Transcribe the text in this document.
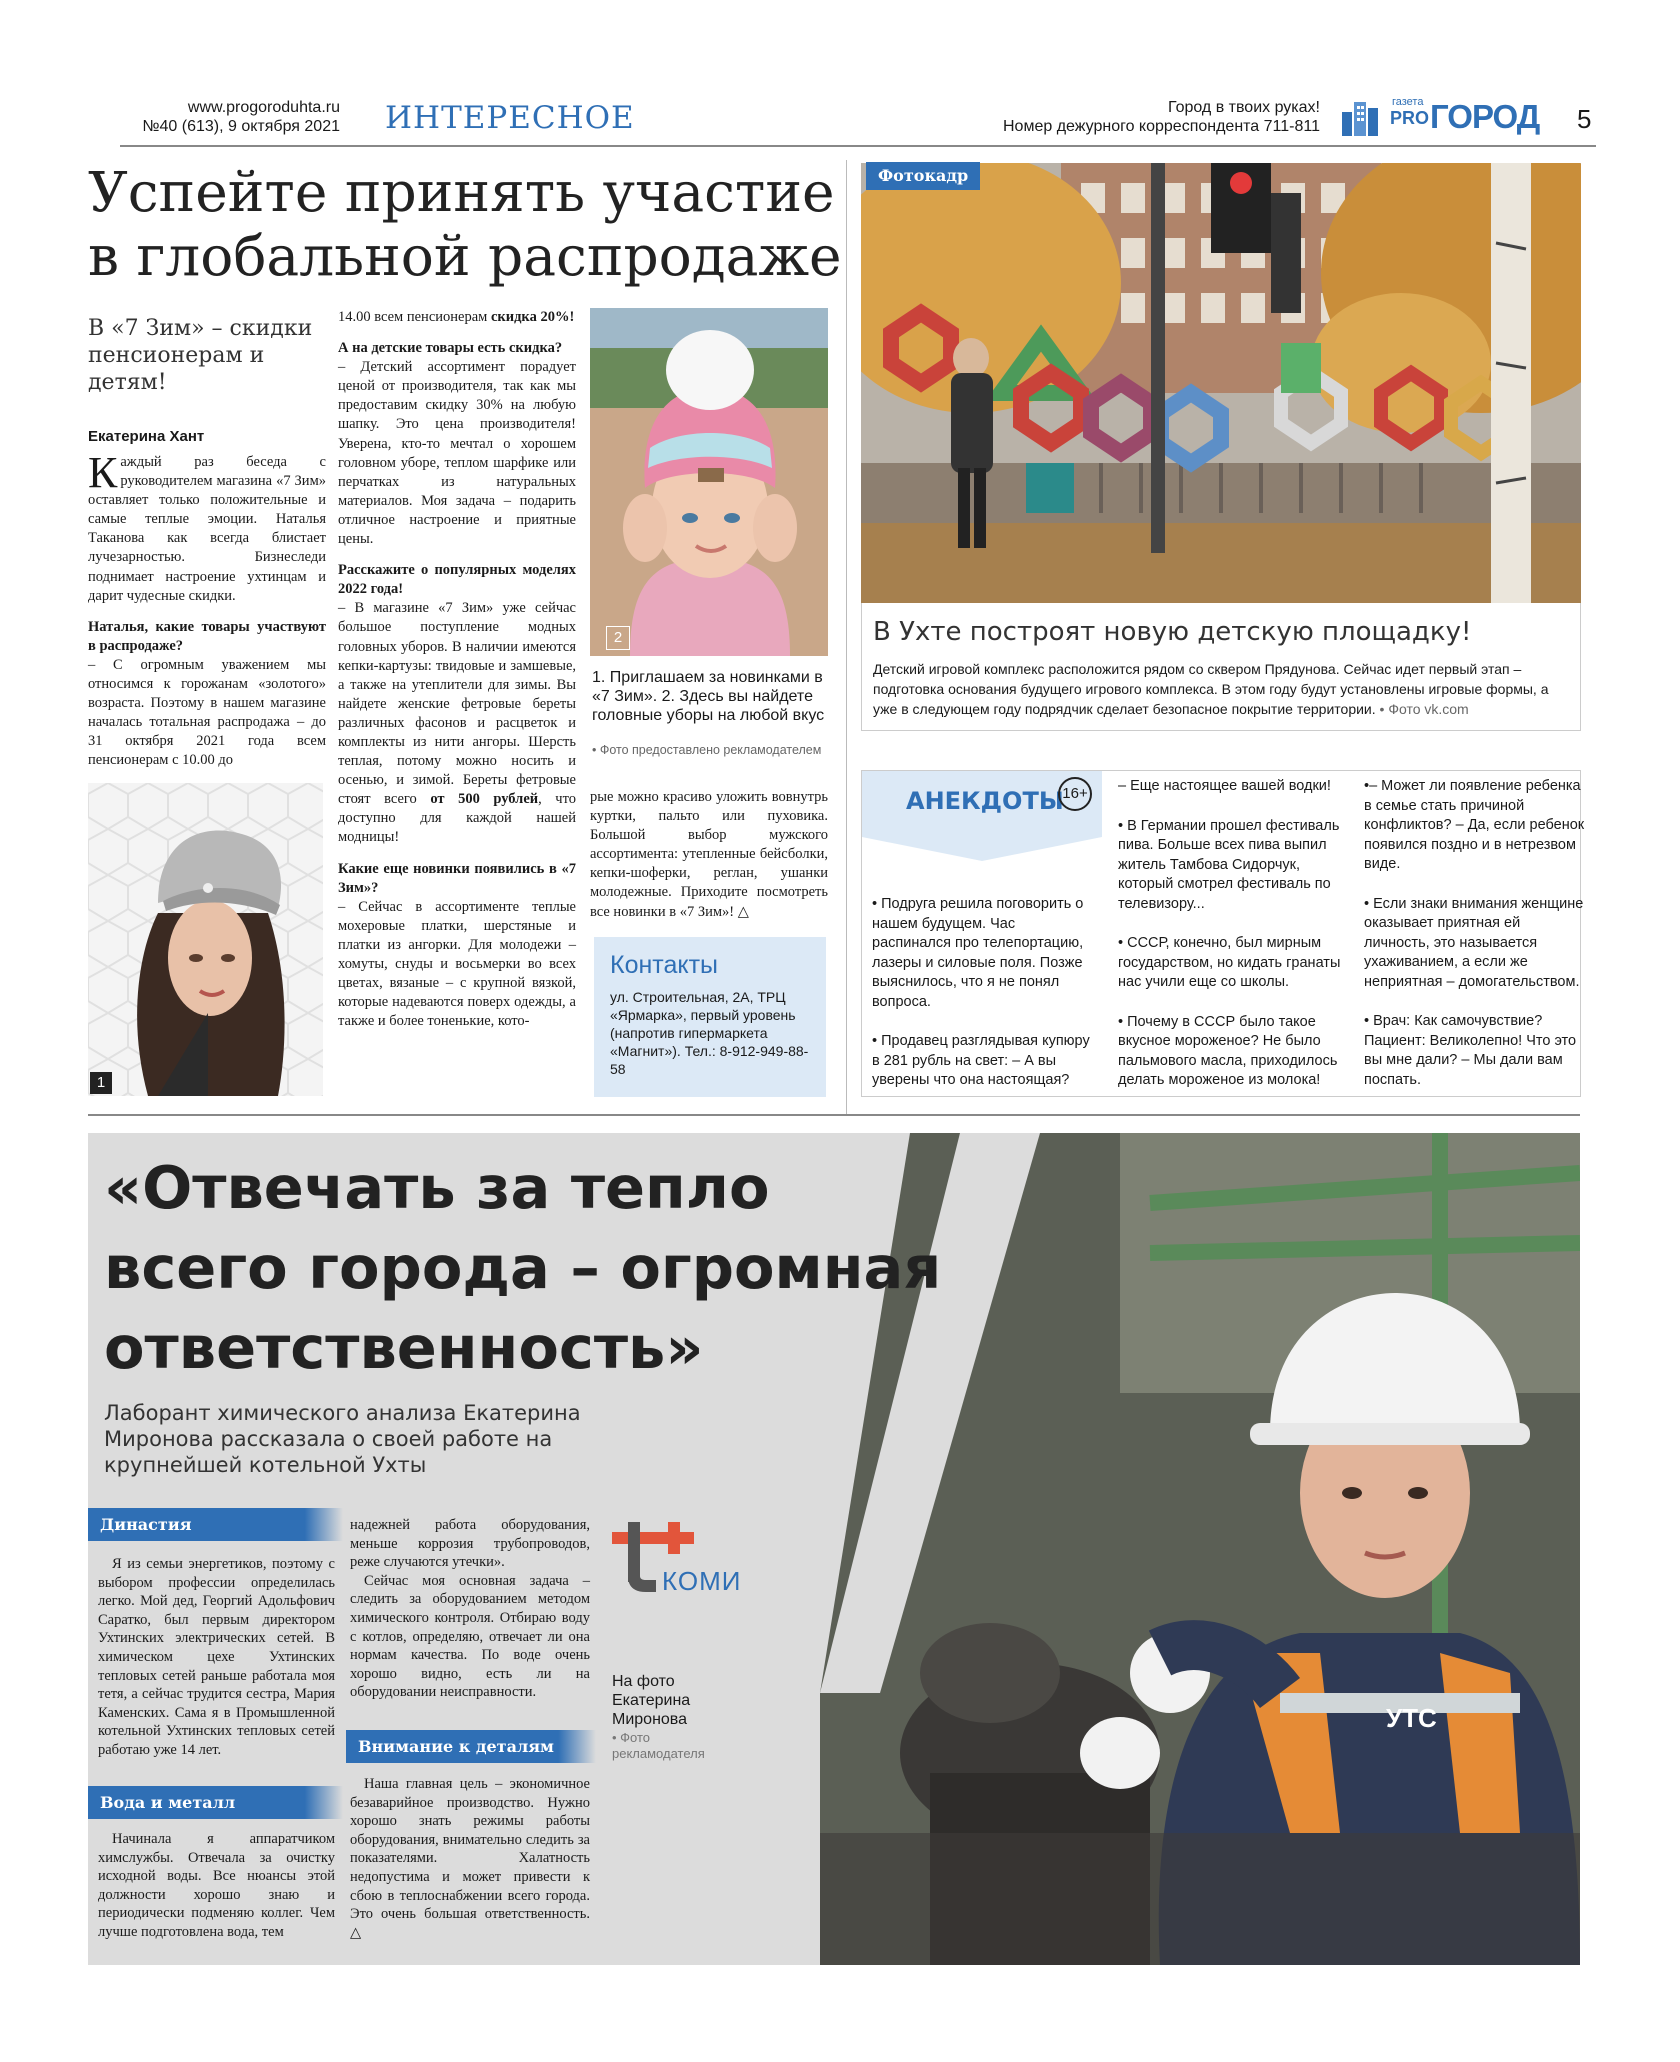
www.progoroduhta.ru
№40 (613), 9 октября 2021 ИНТЕРЕСНОЕ	Город в твоих руках!
Номер дежурного корреспондента 711-811
газета
PRO ГОРОД 5
Успейте принять участие
в глобальной распродаже
В «7 Зим» – скидки пенсионерам и детям!
Екатерина Хант

Каждый раз беседа с руководителем магазина «7 Зим» оставляет только положительные и самые теплые эмоции. Наталья Таканова как всегда блистает лучезарностью. Бизнеследи поднимает настроение ухтинцам и дарит чудесные скидки.

Наталья, какие товары участвуют в распродаже?

– С огромным уважением мы относимся к горожанам «золотого» возраста. Поэтому в нашем магазине началась тотальная распродажа – до 31 октября 2021 года всем пенсионерам с 10.00 до

14.00 всем пенсионерам скидка 20%!

А на детские товары есть скидка?

– Детский ассортимент порадует ценой от производителя, так как мы предоставим скидку 30% на любую шапку. Это цена производителя! Уверена, кто-то мечтал о хорошем головном уборе, теплом шарфике или перчатках из натуральных материалов. Моя задача – подарить отличное настроение и приятные цены.

Расскажите о популярных моделях 2022 года!

– В магазине «7 Зим» уже сейчас большое поступление модных головных уборов. В наличии имеются кепки-картузы: твидовые и замшевые, а также на утеплители для зимы. Вы найдете женские фетровые береты различных фасонов и расцветок и комплекты из нити ангоры. Шерсть теплая, потому можно носить и осенью, и зимой. Береты фетровые стоят всего от 500 рублей, что доступно для каждой нашей модницы!

Какие еще новинки появились в «7 Зим»?

– Сейчас в ассортименте теплые мохеровые платки, шерстяные и платки из ангорки. Для молодежи – хомуты, снуды и восьмерки во всех цветах, вязаные – с крупной вязкой, которые надеваются поверх одежды, а также и более тоненькие, кото-

рые можно красиво уложить вовнутрь куртки, пальто или пуховика. Большой выбор мужского ассортимента: утепленные бейсболки, кепки-шоферки, реглан, ушанки молодежные. Приходите посмотреть все новинки в «7 Зим»! △

1
2
1. Приглашаем за новинками в «7 Зим». 2. Здесь вы найдете головные уборы на любой вкус
• Фото предоставлено рекламодателем
Контакты

ул. Строительная, 2А, ТРЦ «Ярмарка», первый уровень (напротив гипермаркета «Магнит»). Тел.: 8-912-949-88-58

Фотокадр
В Ухте построят новую детскую площадку!
Детский игровой комплекс расположится рядом со сквером Прядунова. Сейчас идет первый этап – подготовка основания будущего игрового комплекса. В этом году будут установлены игровые формы, а уже в следующем году подрядчик сделает безопасное покрытие территории. • Фото vk.com
АНЕКДОТЫ
16+
• Подруга решила поговорить о нашем будущем. Час распинался про телепортацию, лазеры и силовые поля. Позже выяснилось, что я не понял вопроса.
• Продавец разглядывая купюру в 281 рубль на свет: – А вы уверены что она настоящая?
– Еще настоящее вашей водки!
• В Германии прошел фестиваль пива. Больше всех пива выпил житель Тамбова Сидорчук, который смотрел фестиваль по телевизору...
• СССР, конечно, был мирным государством, но кидать гранаты нас учили еще со школы.
• Почему в СССР было такое вкусное мороженое? Не было пальмового масла, приходилось делать мороженое из молока!
•– Может ли появление ребенка в семье стать причиной конфликтов? – Да, если ребенок появился поздно и в нетрезвом виде.
• Если знаки внимания женщине оказывает приятная ей личность, это называется ухаживанием, а если же неприятная – домогательством.
• Врач: Как самочувствие? Пациент: Великолепно! Что это вы мне дали? – Мы дали вам поспать.
УТС
«Отвечать за тепло
всего города – огромная
ответственность»
Лаборант химического анализа Екатерина Миронова рассказала о своей работе на крупнейшей котельной Ухты
Династия

Я из семьи энергетиков, поэтому с выбором профессии определилась легко. Мой дед, Георгий Адольфович Саратко, был первым директором Ухтинских электрических сетей. В химическом цехе Ухтинских тепловых сетей раньше работала моя тетя, а сейчас трудится сестра, Мария Каменских. Сама я в Промышленной котельной Ухтинских тепловых сетей работаю уже 14 лет.

Вода и металл

Начинала я аппаратчиком химслужбы. Отвечала за очистку исходной воды. Все нюансы этой должности хорошо знаю и периодически подменяю коллег. Чем лучше подготовлена вода, тем

надежней работа оборудования, меньше коррозия трубопроводов, реже случаются утечки».

Сейчас моя основная задача – следить за оборудованием методом химического контроля. Отбираю воду с котлов, определяю, отвечает ли она нормам качества. По воде очень хорошо видно, есть ли на оборудовании неисправности.

Внимание к деталям

Наша главная цель – экономичное безаварийное производство. Нужно хорошо знать режимы работы оборудования, внимательно следить за показателями. Халатность недопустима и может привести к сбою в теплоснабжении всего города. Это очень большая ответственность. △

КОМИ
На фото Екатерина Миронова
• Фото рекламодателя
